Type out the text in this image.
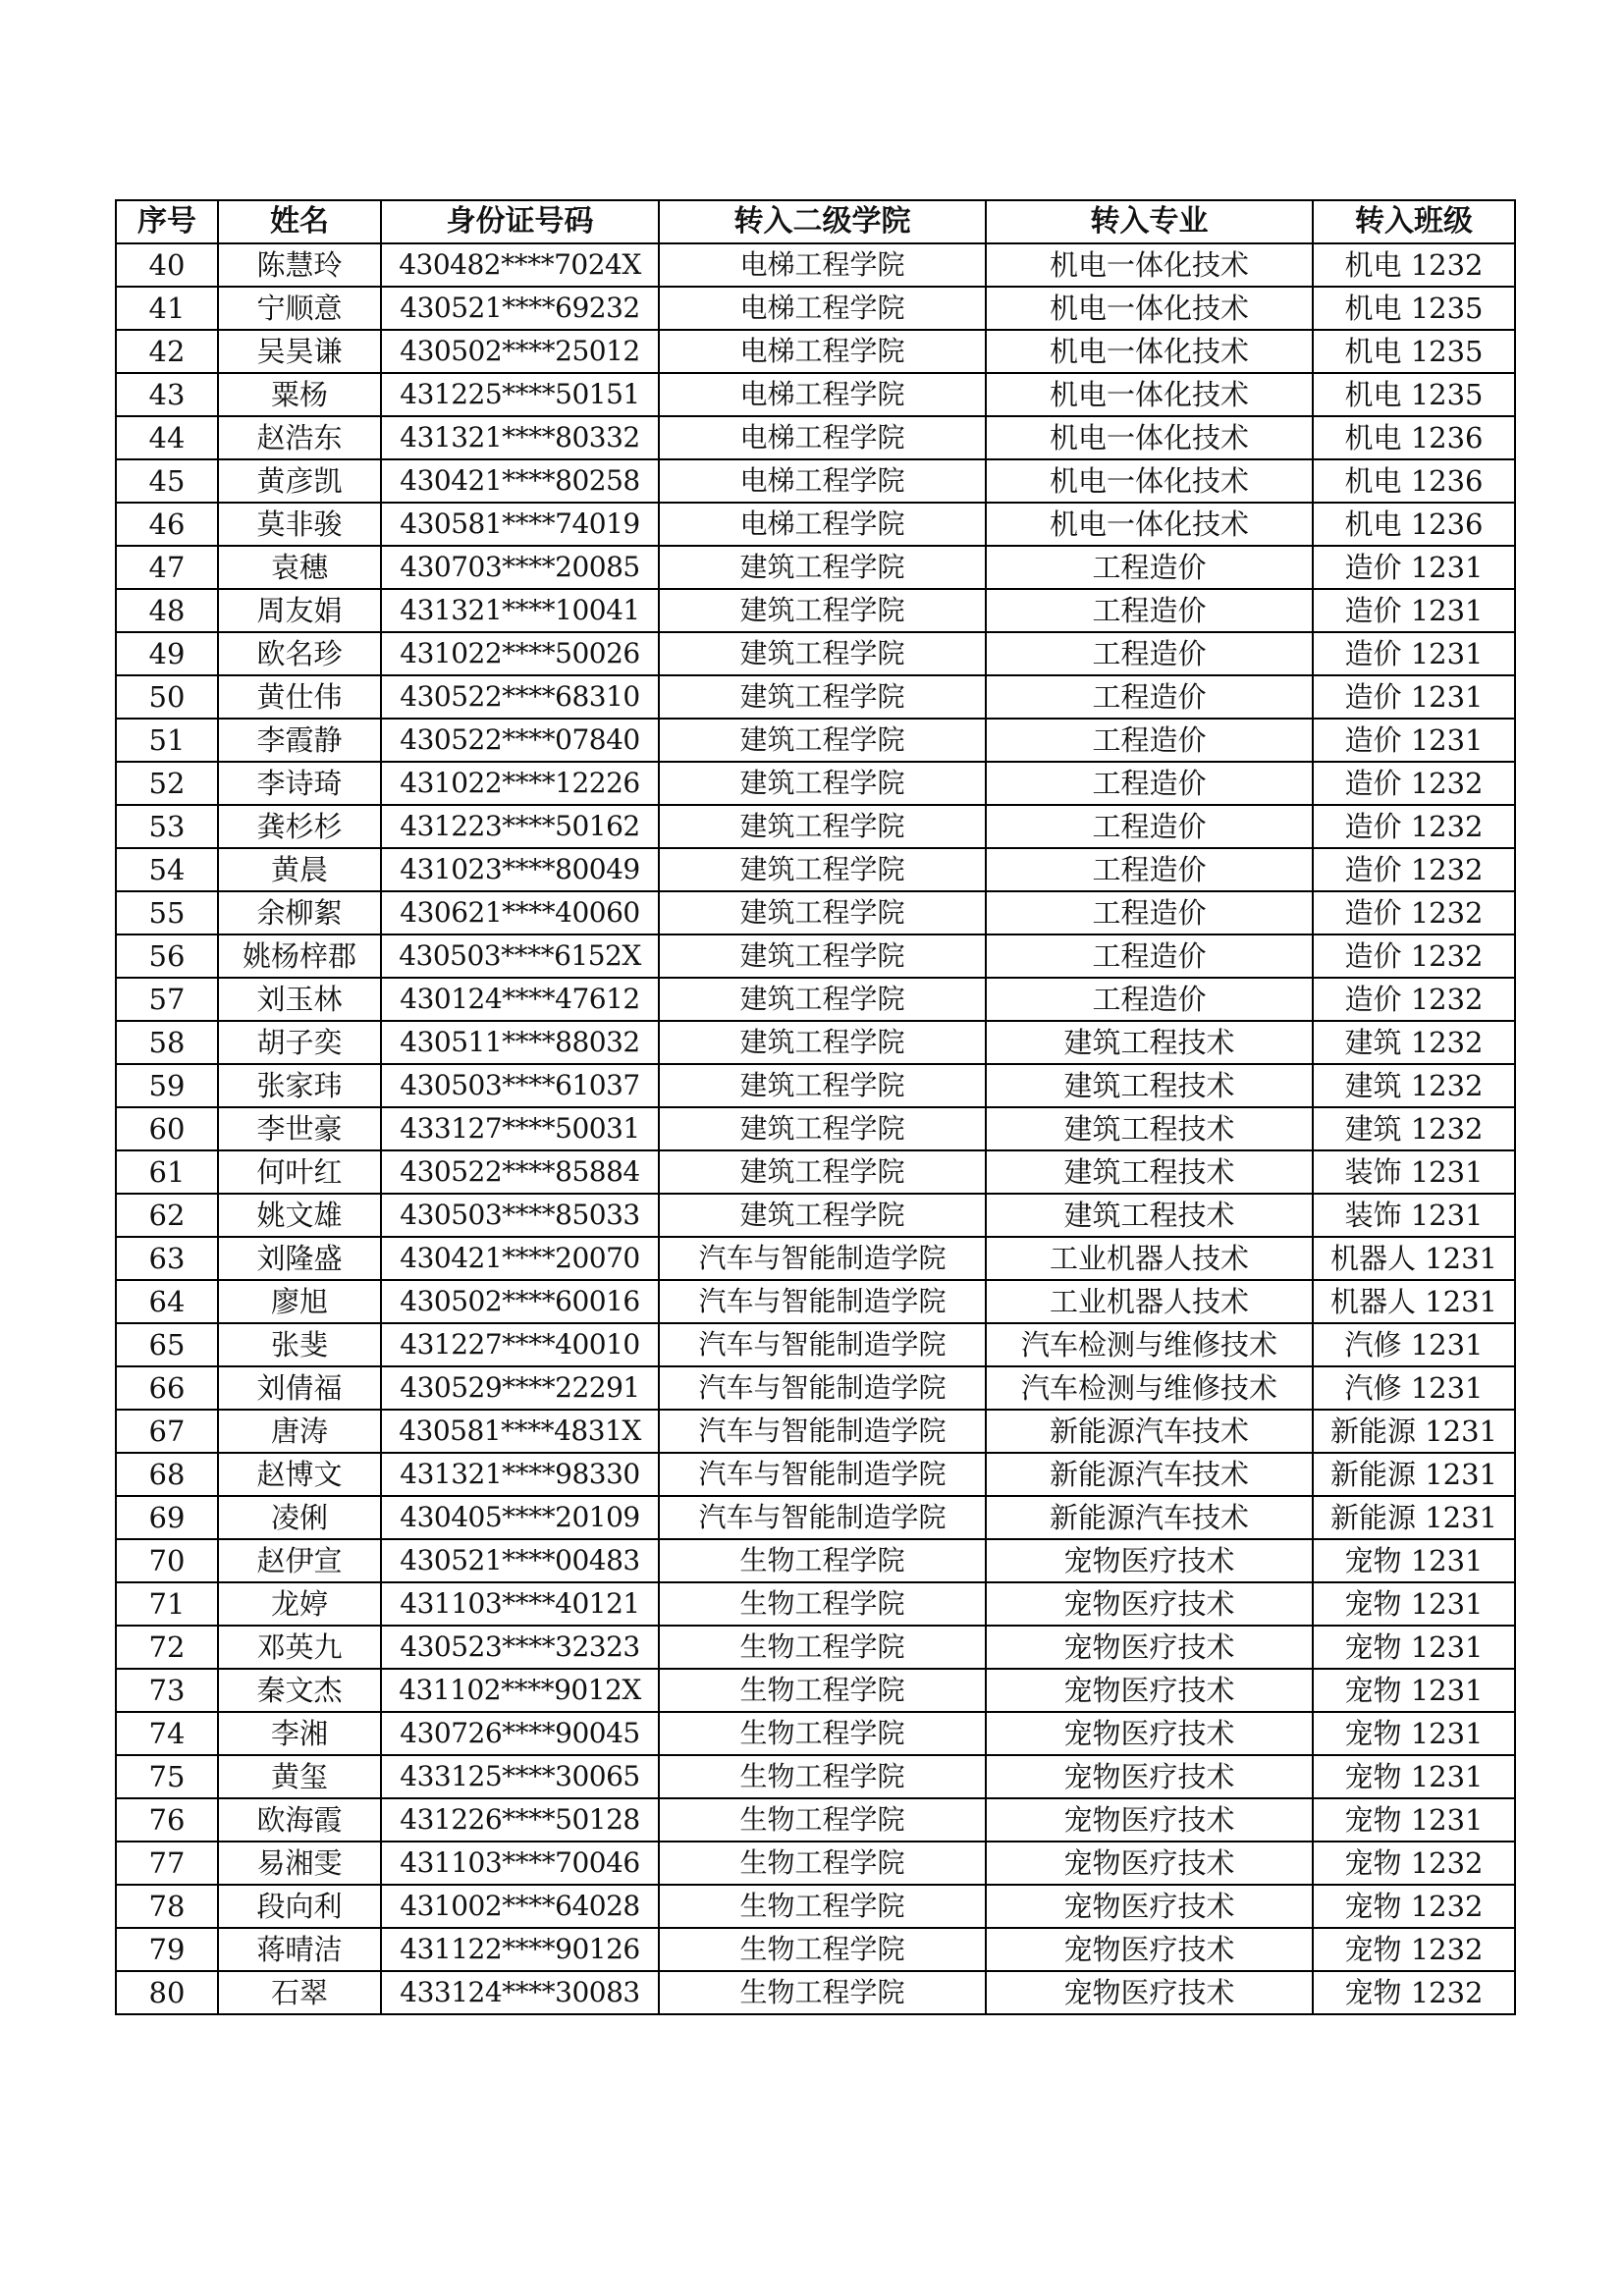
序号	姓名	身份证号码	转入二级学院	转入专业	转入班级
40	陈慧玲	430482****7024X	电梯工程学院	机电一体化技术	机电 1232
41	宁顺意	430521****69232	电梯工程学院	机电一体化技术	机电 1235
42	吴昊谦	430502****25012	电梯工程学院	机电一体化技术	机电 1235
43	粟杨	431225****50151	电梯工程学院	机电一体化技术	机电 1235
44	赵浩东	431321****80332	电梯工程学院	机电一体化技术	机电 1236
45	黄彦凯	430421****80258	电梯工程学院	机电一体化技术	机电 1236
46	莫非骏	430581****74019	电梯工程学院	机电一体化技术	机电 1236
47	袁穗	430703****20085	建筑工程学院	工程造价	造价 1231
48	周友娟	431321****10041	建筑工程学院	工程造价	造价 1231
49	欧名珍	431022****50026	建筑工程学院	工程造价	造价 1231
50	黄仕伟	430522****68310	建筑工程学院	工程造价	造价 1231
51	李霞静	430522****07840	建筑工程学院	工程造价	造价 1231
52	李诗琦	431022****12226	建筑工程学院	工程造价	造价 1232
53	龚杉杉	431223****50162	建筑工程学院	工程造价	造价 1232
54	黄晨	431023****80049	建筑工程学院	工程造价	造价 1232
55	余柳絮	430621****40060	建筑工程学院	工程造价	造价 1232
56	姚杨梓郡	430503****6152X	建筑工程学院	工程造价	造价 1232
57	刘玉林	430124****47612	建筑工程学院	工程造价	造价 1232
58	胡子奕	430511****88032	建筑工程学院	建筑工程技术	建筑 1232
59	张家玮	430503****61037	建筑工程学院	建筑工程技术	建筑 1232
60	李世豪	433127****50031	建筑工程学院	建筑工程技术	建筑 1232
61	何叶红	430522****85884	建筑工程学院	建筑工程技术	装饰 1231
62	姚文雄	430503****85033	建筑工程学院	建筑工程技术	装饰 1231
63	刘隆盛	430421****20070	汽车与智能制造学院	工业机器人技术	机器人 1231
64	廖旭	430502****60016	汽车与智能制造学院	工业机器人技术	机器人 1231
65	张斐	431227****40010	汽车与智能制造学院	汽车检测与维修技术	汽修 1231
66	刘倩福	430529****22291	汽车与智能制造学院	汽车检测与维修技术	汽修 1231
67	唐涛	430581****4831X	汽车与智能制造学院	新能源汽车技术	新能源 1231
68	赵博文	431321****98330	汽车与智能制造学院	新能源汽车技术	新能源 1231
69	凌俐	430405****20109	汽车与智能制造学院	新能源汽车技术	新能源 1231
70	赵伊宣	430521****00483	生物工程学院	宠物医疗技术	宠物 1231
71	龙婷	431103****40121	生物工程学院	宠物医疗技术	宠物 1231
72	邓英九	430523****32323	生物工程学院	宠物医疗技术	宠物 1231
73	秦文杰	431102****9012X	生物工程学院	宠物医疗技术	宠物 1231
74	李湘	430726****90045	生物工程学院	宠物医疗技术	宠物 1231
75	黄玺	433125****30065	生物工程学院	宠物医疗技术	宠物 1231
76	欧海霞	431226****50128	生物工程学院	宠物医疗技术	宠物 1231
77	易湘雯	431103****70046	生物工程学院	宠物医疗技术	宠物 1232
78	段向利	431002****64028	生物工程学院	宠物医疗技术	宠物 1232
79	蒋晴洁	431122****90126	生物工程学院	宠物医疗技术	宠物 1232
80	石翠	433124****30083	生物工程学院	宠物医疗技术	宠物 1232
